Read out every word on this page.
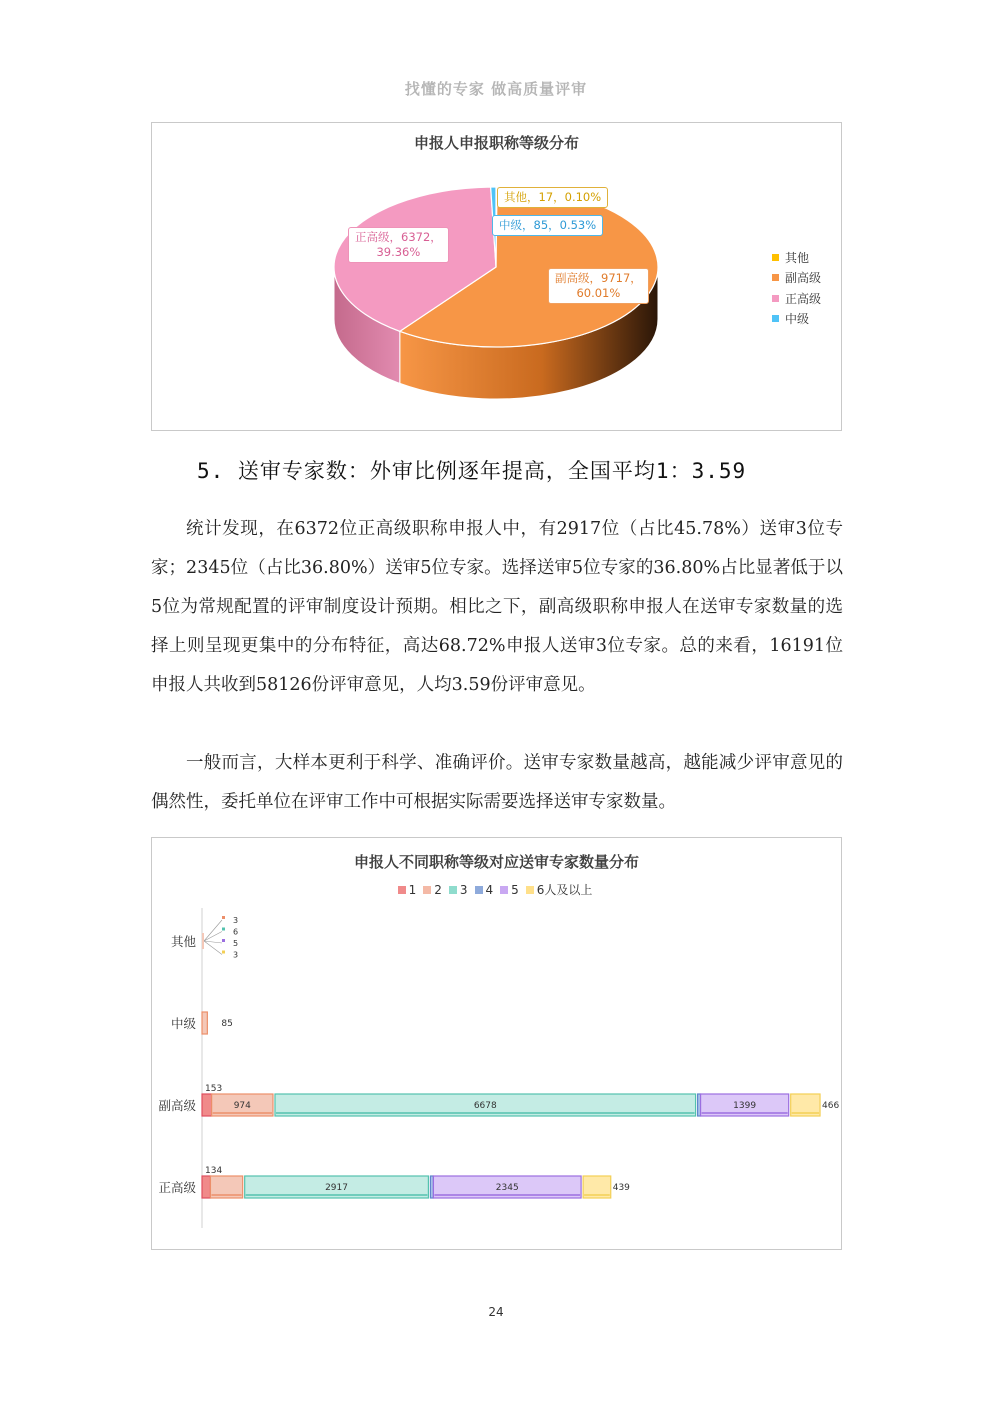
找懂的专家 做高质量评审
申报人申报职称等级分布
其他，17，0.10%
中级，85，0.53%
副高级，9717，
60.01%
正高级，6372，
39.36%	其他
副高级
正高级
中级
5. 送审专家数：外审比例逐年提高，全国平均1：3.59

统计发现，在6372位正高级职称申报人中，有2917位（占比45.78%）送审3位专家；2345位（占比36.80%）送审5位专家。选择送审5位专家的36.80%占比显著低于以5位为常规配置的评审制度设计预期。相比之下，副高级职称申报人在送审专家数量的选择上则呈现更集中的分布特征，高达68.72%申报人送审3位专家。总的来看，16191位申报人共收到58126份评审意见，人均3.59份评审意见。

一般而言，大样本更利于科学、准确评价。送审专家数量越高，越能减少评审意见的偶然性，委托单位在评审工作中可根据实际需要选择送审专家数量。

申报人不同职称等级对应送审专家数量分布
1 2 3 4 5 6人及以上
其他
中级
副高级
正高级
3
6
5
3
85
153
974	6678	1399	466
134
2917	2345	439
24
